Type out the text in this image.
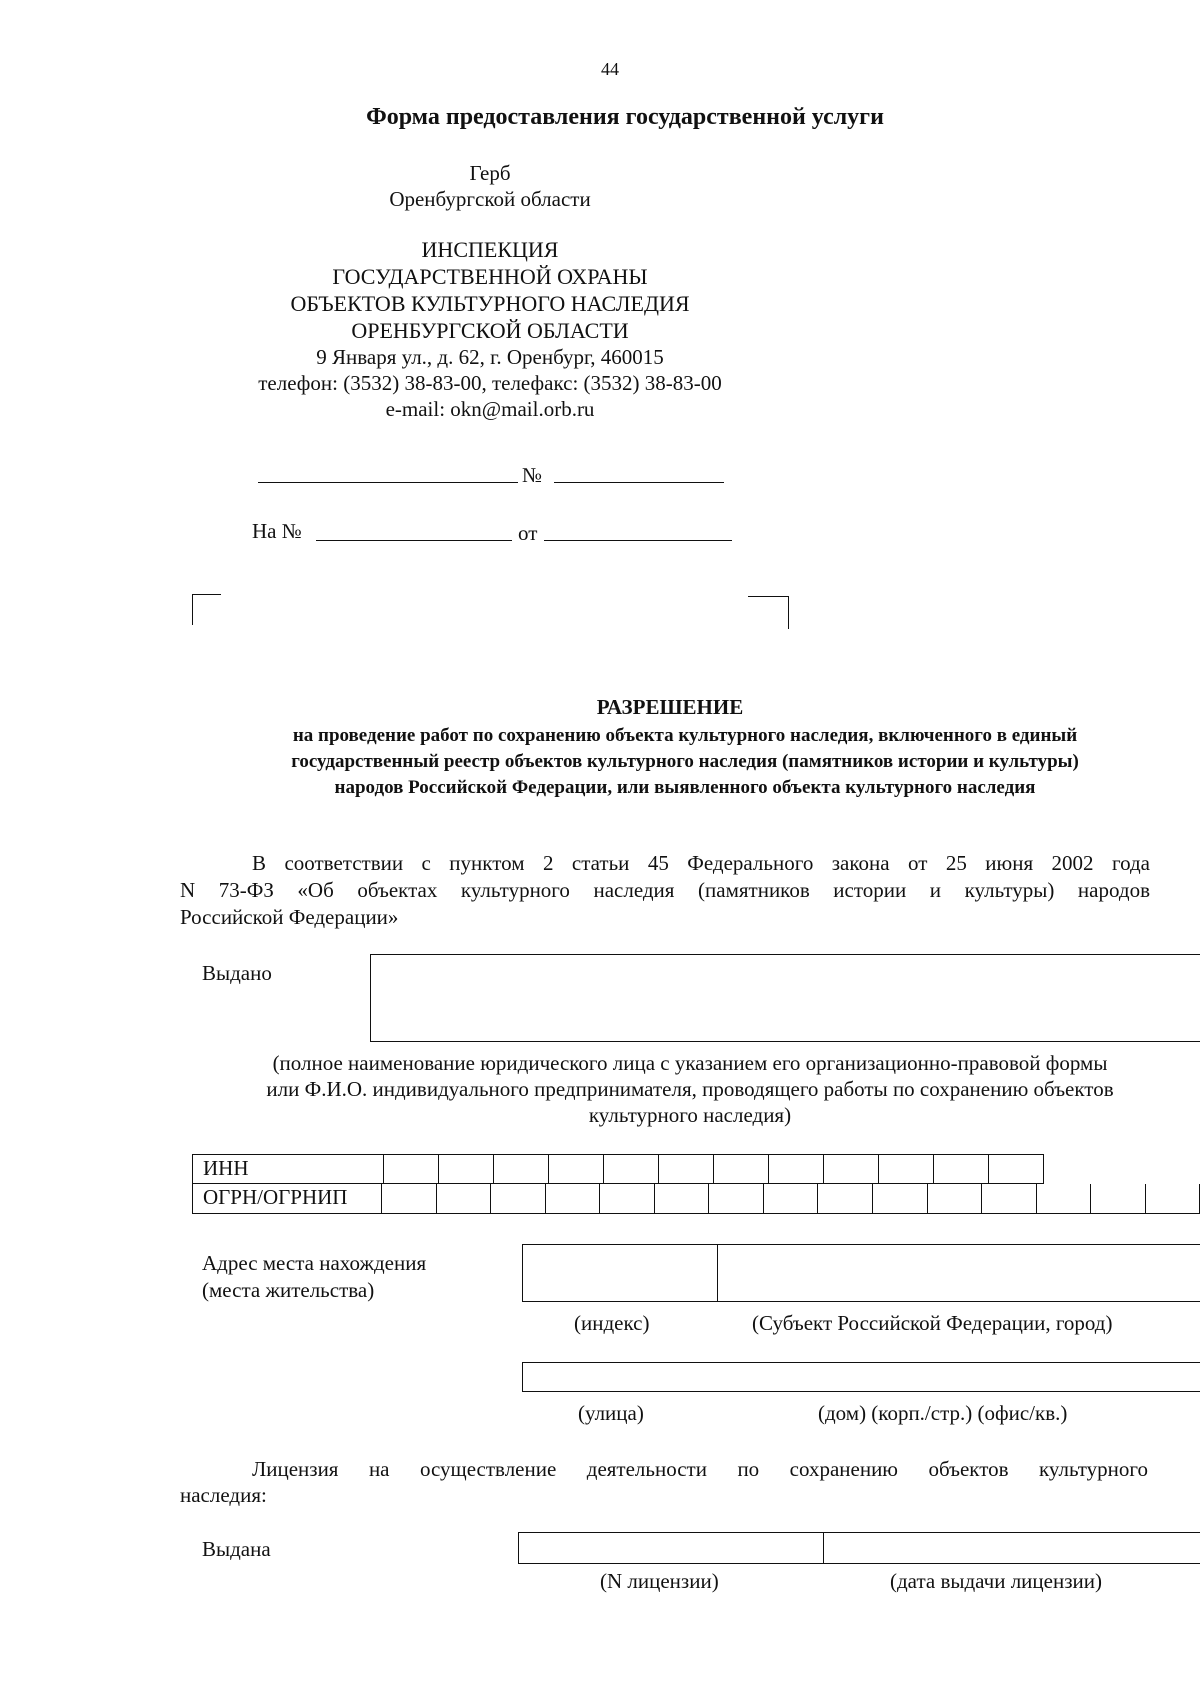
44
Форма предоставления государственной услуги
Герб
Оренбургской области
ИНСПЕКЦИЯ
ГОСУДАРСТВЕННОЙ ОХРАНЫ
ОБЪЕКТОВ КУЛЬТУРНОГО НАСЛЕДИЯ
ОРЕНБУРГСКОЙ ОБЛАСТИ
9 Января ул., д. 62, г. Оренбург, 460015
телефон: (3532) 38-83-00, телефакс: (3532) 38-83-00
e-mail: okn@mail.orb.ru
№
На №	от
РАЗРЕШЕНИЕ
на проведение работ по сохранению объекта культурного наследия, включенного в единый
государственный реестр объектов культурного наследия (памятников истории и культуры)
народов Российской Федерации, или выявленного объекта культурного наследия
В соответствии с пунктом 2 статьи 45 Федерального закона от 25 июня 2002 года
N 73-ФЗ «Об объектах культурного наследия (памятников истории и культуры) народов
Российской Федерации»
Выдано
(полное наименование юридического лица с указанием его организационно-правовой формы
или Ф.И.О. индивидуального предпринимателя, проводящего работы по сохранению объектов
культурного наследия)
ИНН
ОГРН/ОГРНИП
Адрес места нахождения
(места жительства)
(индекс)	(Субъект Российской Федерации, город)
(улица)	(дом) (корп./стр.) (офис/кв.)
Лицензия на осуществление деятельности по сохранению объектов культурного
наследия:
Выдана
(N лицензии)	(дата выдачи лицензии)
